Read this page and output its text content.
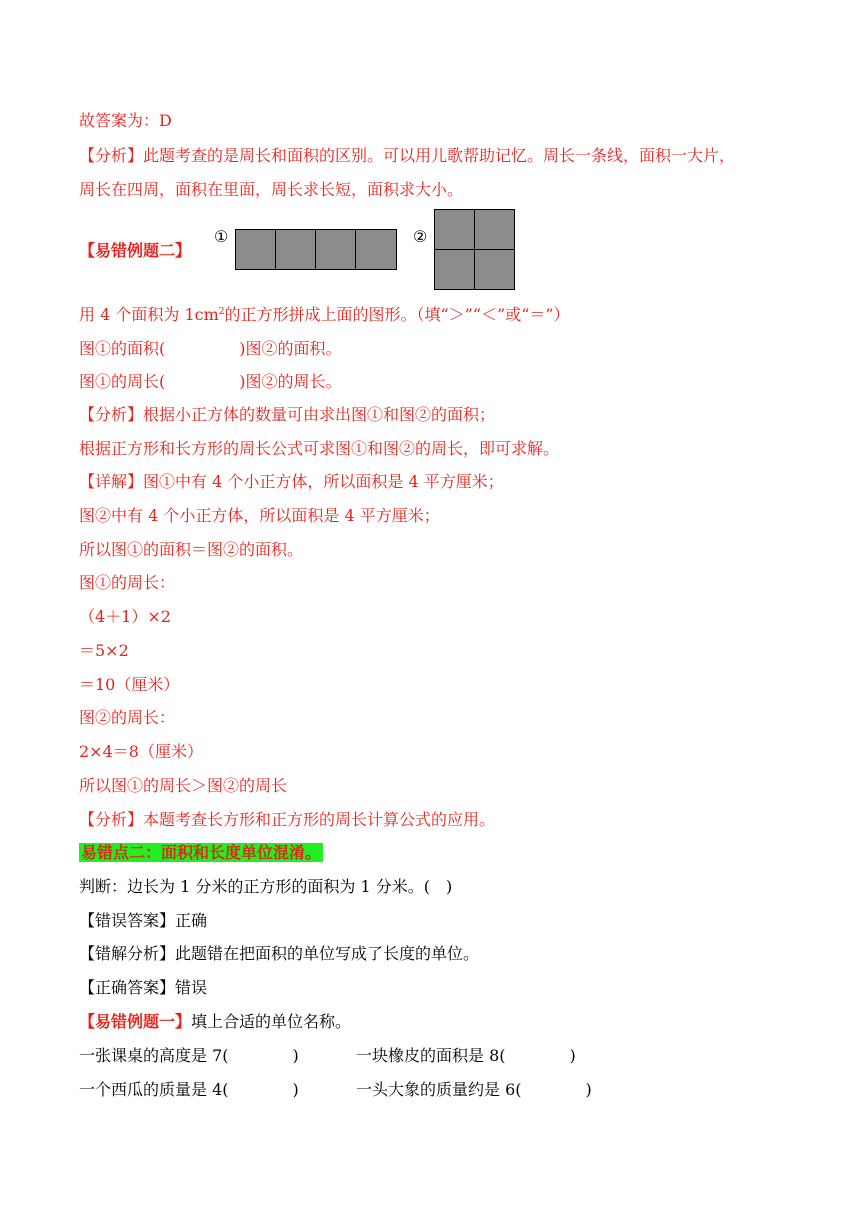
故答案为：D
【分析】此题考查的是周长和面积的区别。可以用儿歌帮助记忆。周长一条线，面积一大片，
周长在四周，面积在里面，周长求长短，面积求大小。
【易错例题二】
①	②
用 4 个面积为 $1cm^2$的正方形拼成上面的图形。（填“＞”“＜”或“＝”）
图①的面积(	)图②的面积。
图①的周长(	)图②的周长。
【分析】根据小正方体的数量可由求出图①和图②的面积；
根据正方形和长方形的周长公式可求图①和图②的周长，即可求解。
【详解】图①中有 4 个小正方体，所以面积是 4 平方厘米；
图②中有 4 个小正方体，所以面积是 4 平方厘米；
所以图①的面积＝图②的面积。
图①的周长：
（4＋1）×2
＝5×2
＝10（厘米）
图②的周长：
2×4＝8（厘米）
所以图①的周长＞图②的周长
【分析】本题考查长方形和正方形的周长计算公式的应用。
易错点二：面积和长度单位混淆。
判断：边长为 1 分米的正方形的面积为 1 分米。(　)
【错误答案】正确
【错解分析】此题错在把面积的单位写成了长度的单位。
【正确答案】错误
【易错例题一】填上合适的单位名称。
一张课桌的高度是 7(	)	一块橡皮的面积是 8(	)
一个西瓜的质量是 4(	)	一头大象的质量约是 6(	)
